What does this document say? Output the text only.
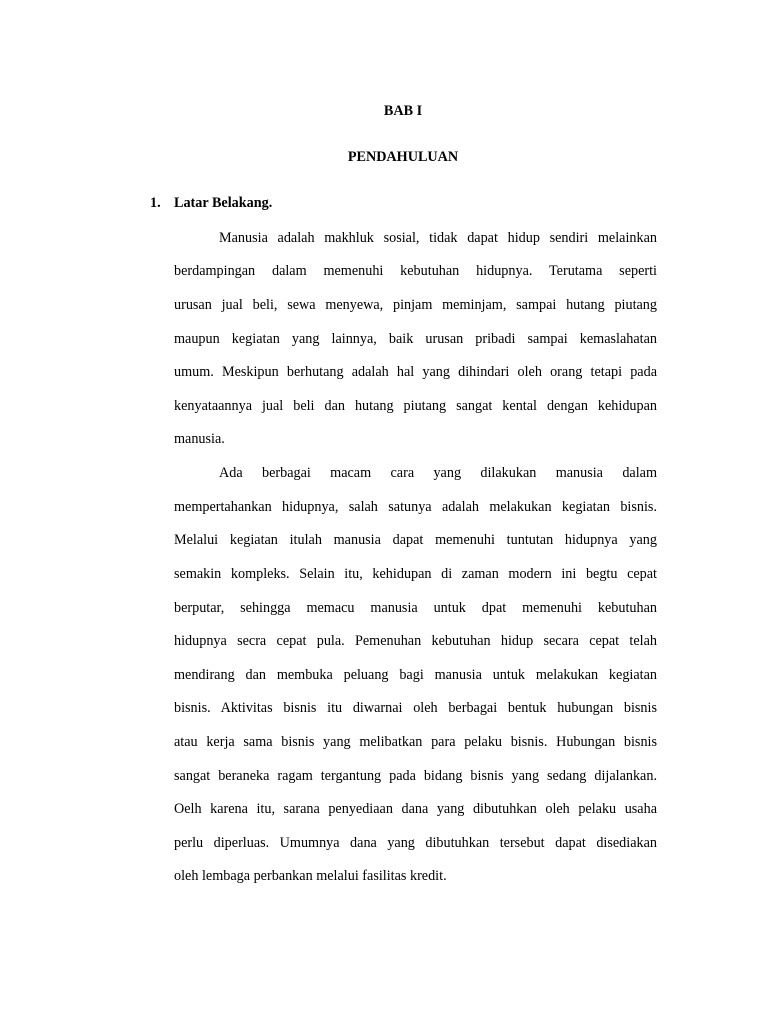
BAB I

PENDAHULUAN

1. Latar Belakang.

Manusia adalah makhluk sosial, tidak dapat hidup sendiri melainkan
berdampingan dalam memenuhi kebutuhan hidupnya. Terutama seperti
urusan jual beli, sewa menyewa, pinjam meminjam, sampai hutang piutang
maupun kegiatan yang lainnya, baik urusan pribadi sampai kemaslahatan
umum. Meskipun berhutang adalah hal yang dihindari oleh orang tetapi pada
kenyataannya jual beli dan hutang piutang sangat kental dengan kehidupan
manusia.
Ada berbagai macam cara yang dilakukan manusia dalam
mempertahankan hidupnya, salah satunya adalah melakukan kegiatan bisnis.
Melalui kegiatan itulah manusia dapat memenuhi tuntutan hidupnya yang
semakin kompleks. Selain itu, kehidupan di zaman modern ini begtu cepat
berputar, sehingga memacu manusia untuk dpat memenuhi kebutuhan
hidupnya secra cepat pula. Pemenuhan kebutuhan hidup secara cepat telah
mendirang dan membuka peluang bagi manusia untuk melakukan kegiatan
bisnis. Aktivitas bisnis itu diwarnai oleh berbagai bentuk hubungan bisnis
atau kerja sama bisnis yang melibatkan para pelaku bisnis. Hubungan bisnis
sangat beraneka ragam tergantung pada bidang bisnis yang sedang dijalankan.
Oelh karena itu, sarana penyediaan dana yang dibutuhkan oleh pelaku usaha
perlu diperluas. Umumnya dana yang dibutuhkan tersebut dapat disediakan
oleh lembaga perbankan melalui fasilitas kredit.
